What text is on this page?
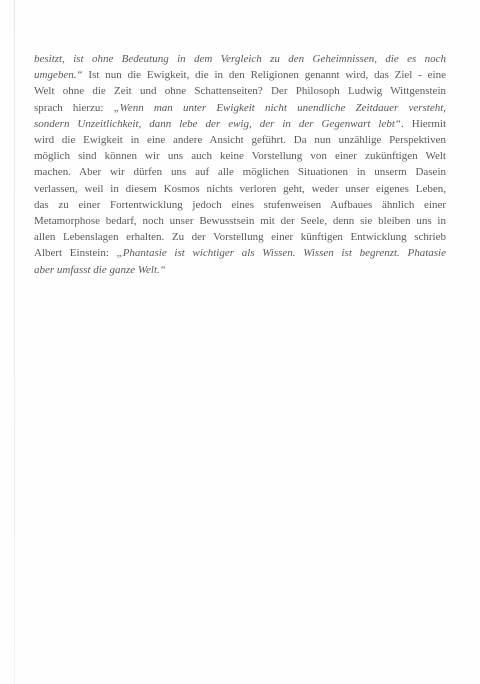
besitzt, ist ohne Bedeutung in dem Vergleich zu den Geheimnissen, die es noch
umgeben.“ Ist nun die Ewigkeit, die in den Religionen genannt wird, das Ziel - eine
Welt ohne die Zeit und ohne Schattenseiten? Der Philosoph Ludwig Wittgenstein
sprach hierzu: „Wenn man unter Ewigkeit nicht unendliche Zeitdauer versteht,
sondern Unzeitlichkeit, dann lebe der ewig, der in der Gegenwart lebt“. Hiermit
wird die Ewigkeit in eine andere Ansicht geführt. Da nun unzählige Perspektiven
möglich sind können wir uns auch keine Vorstellung von einer zukünftigen Welt
machen. Aber wir dürfen uns auf alle möglichen Situationen in unserm Dasein
verlassen, weil in diesem Kosmos nichts verloren geht, weder unser eigenes Leben,
das zu einer Fortentwicklung jedoch eines stufenweisen Aufbaues ähnlich einer
Metamorphose bedarf, noch unser Bewusstsein mit der Seele, denn sie bleiben uns in
allen Lebenslagen erhalten. Zu der Vorstellung einer künftigen Entwicklung schrieb
Albert Einstein: „Phantasie ist wichtiger als Wissen. Wissen ist begrenzt. Phatasie
aber umfasst die ganze Welt.“
